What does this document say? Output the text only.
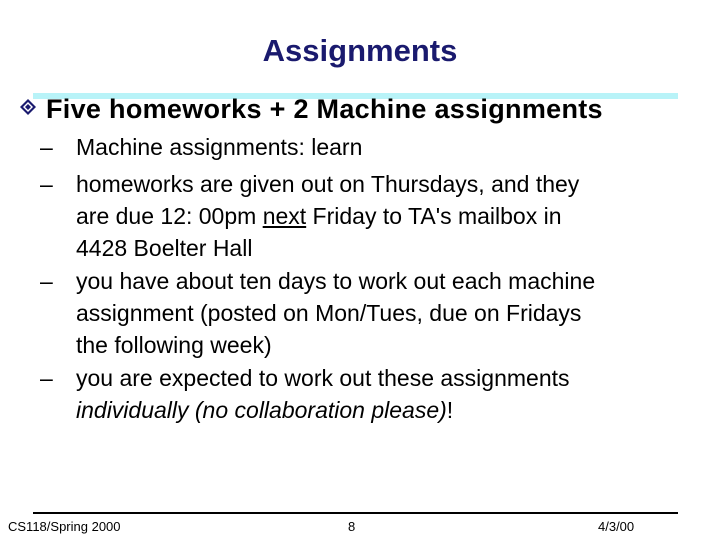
Assignments
Five homeworks + 2 Machine assignments
– Machine assignments: learn
– homeworks are given out on Thursdays, and they
are due 12: 00pm next Friday to TA's mailbox in
4428 Boelter Hall
– you have about ten days to work out each machine
assignment (posted on Mon/Tues, due on Fridays
the following week)
– you are expected to work out these assignments
individually (no collaboration please)!
CS118/Spring 2000	8	4/3/00
